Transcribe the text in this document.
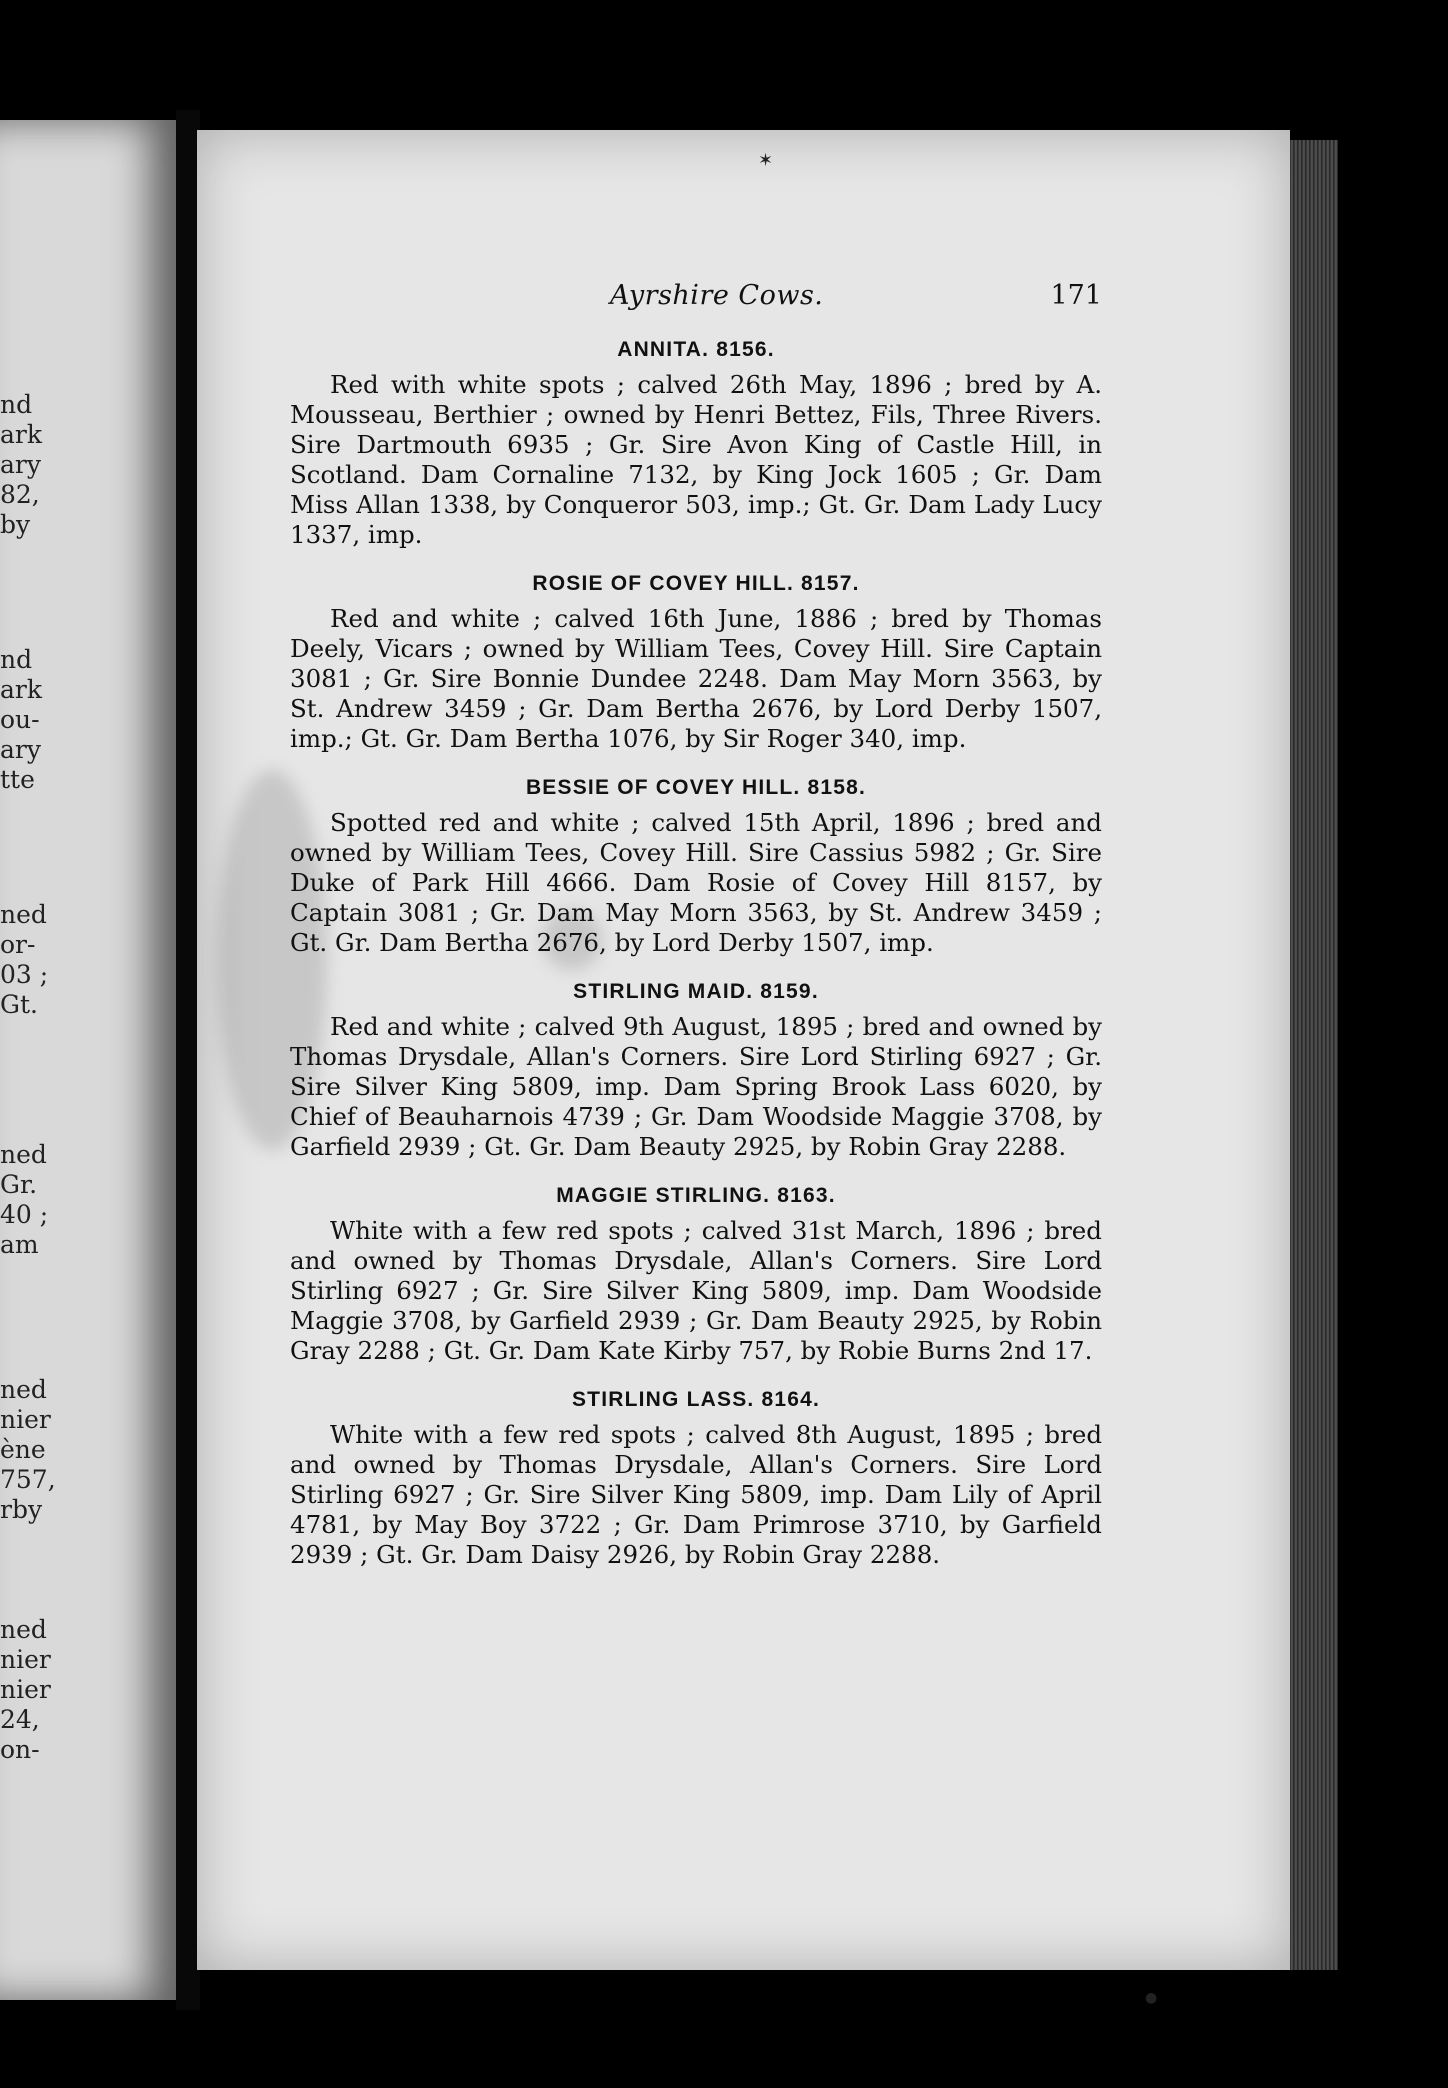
nd
ark
ary
82,
by
nd
ark
ou-
ary
tte
ned
or-
03 ;
Gt.
ned
Gr.
40 ;
am
ned
nier
ène
757,
rby
ned
nier
nier
24,
on-
✶
●
Ayrshire Cows.	171
ANNITA. 8156.
Red with white spots ; calved 26th May, 1896 ; bred by A. Mousseau, Berthier ; owned by Henri Bettez, Fils, Three Rivers. Sire Dartmouth 6935 ; Gr. Sire Avon King of Castle Hill, in Scotland. Dam Cornaline 7132, by King Jock 1605 ; Gr. Dam Miss Allan 1338, by Conqueror 503, imp.; Gt. Gr. Dam Lady Lucy 1337, imp.
ROSIE OF COVEY HILL. 8157.
Red and white ; calved 16th June, 1886 ; bred by Thomas Deely, Vicars ; owned by William Tees, Covey Hill. Sire Captain 3081 ; Gr. Sire Bonnie Dundee 2248. Dam May Morn 3563, by St. Andrew 3459 ; Gr. Dam Bertha 2676, by Lord Derby 1507, imp.; Gt. Gr. Dam Bertha 1076, by Sir Roger 340, imp.
BESSIE OF COVEY HILL. 8158.
Spotted red and white ; calved 15th April, 1896 ; bred and owned by William Tees, Covey Hill. Sire Cassius 5982 ; Gr. Sire Duke of Park Hill 4666. Dam Rosie of Covey Hill 8157, by Captain 3081 ; Gr. Dam May Morn 3563, by St. Andrew 3459 ; Gt. Gr. Dam Bertha 2676, by Lord Derby 1507, imp.
STIRLING MAID. 8159.
Red and white ; calved 9th August, 1895 ; bred and owned by Thomas Drysdale, Allan's Corners. Sire Lord Stirling 6927 ; Gr. Sire Silver King 5809, imp. Dam Spring Brook Lass 6020, by Chief of Beauharnois 4739 ; Gr. Dam Woodside Maggie 3708, by Garfield 2939 ; Gt. Gr. Dam Beauty 2925, by Robin Gray 2288.
MAGGIE STIRLING. 8163.
White with a few red spots ; calved 31st March, 1896 ; bred and owned by Thomas Drysdale, Allan's Corners. Sire Lord Stirling 6927 ; Gr. Sire Silver King 5809, imp. Dam Woodside Maggie 3708, by Garfield 2939 ; Gr. Dam Beauty 2925, by Robin Gray 2288 ; Gt. Gr. Dam Kate Kirby 757, by Robie Burns 2nd 17.
STIRLING LASS. 8164.
White with a few red spots ; calved 8th August, 1895 ; bred and owned by Thomas Drysdale, Allan's Corners. Sire Lord Stirling 6927 ; Gr. Sire Silver King 5809, imp. Dam Lily of April 4781, by May Boy 3722 ; Gr. Dam Primrose 3710, by Garfield 2939 ; Gt. Gr. Dam Daisy 2926, by Robin Gray 2288.
